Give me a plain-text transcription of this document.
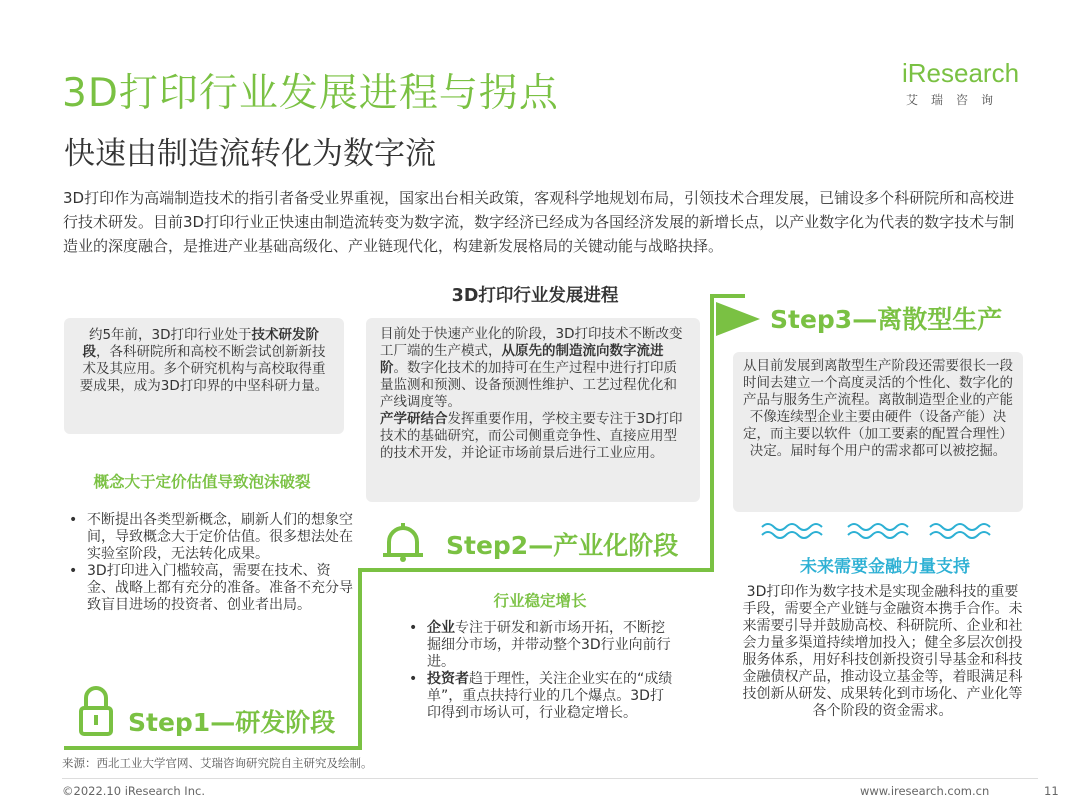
3D打印行业发展进程与拐点
快速由制造流转化为数字流
iResearch
艾瑞咨询
3D打印作为高端制造技术的指引者备受业界重视，国家出台相关政策，客观科学地规划布局，引领技术合理发展，已铺设多个科研院所和高校进行技术研发。目前3D打印行业正快速由制造流转变为数字流，数字经济已经成为各国经济发展的新增长点，以产业数字化为代表的数字技术与制造业的深度融合，是推进产业基础高级化、产业链现代化，构建新发展格局的关键动能与战略抉择。
3D打印行业发展进程
约5年前，3D打印行业处于技术研发阶段，各科研院所和高校不断尝试创新新技术及其应用。多个研究机构与高校取得重要成果，成为3D打印界的中坚科研力量。
目前处于快速产业化的阶段，3D打印技术不断改变工厂端的生产模式，从原先的制造流向数字流进阶。数字化技术的加持可在生产过程中进行打印质量监测和预测、设备预测性维护、工艺过程优化和产线调度等。
产学研结合发挥重要作用，学校主要专注于3D打印技术的基础研究，而公司侧重竞争性、直接应用型的技术开发，并论证市场前景后进行工业应用。
从目前发展到离散型生产阶段还需要很长一段时间去建立一个高度灵活的个性化、数字化的产品与服务生产流程。离散制造型企业的产能不像连续型企业主要由硬件（设备产能）决定，而主要以软件（加工要素的配置合理性）决定。届时每个用户的需求都可以被挖掘。
Step3—离散型生产
Step2—产业化阶段
Step1—研发阶段
概念大于定价估值导致泡沫破裂
• 不断提出各类型新概念，刷新人们的想象空间，导致概念大于定价估值。很多想法处在实验室阶段，无法转化成果。
• 3D打印进入门槛较高，需要在技术、资金、战略上都有充分的准备。准备不充分导致盲目进场的投资者、创业者出局。	行业稳定增长
• 企业专注于研发和新市场开拓，不断挖掘细分市场，并带动整个3D行业向前行进。
• 投资者趋于理性，关注企业实在的“成绩单”，重点扶持行业的几个爆点。3D打印得到市场认可，行业稳定增长。
未来需要金融力量支持
3D打印作为数字技术是实现金融科技的重要手段，需要全产业链与金融资本携手合作。未来需要引导并鼓励高校、科研院所、企业和社会力量多渠道持续增加投入；健全多层次创投服务体系，用好科技创新投资引导基金和科技金融债权产品，推动设立基金等，着眼满足科技创新从研发、成果转化到市场化、产业化等各个阶段的资金需求。
来源：西北工业大学官网、艾瑞咨询研究院自主研究及绘制。
©2022.10 iResearch Inc.	www.iresearch.com.cn	11
